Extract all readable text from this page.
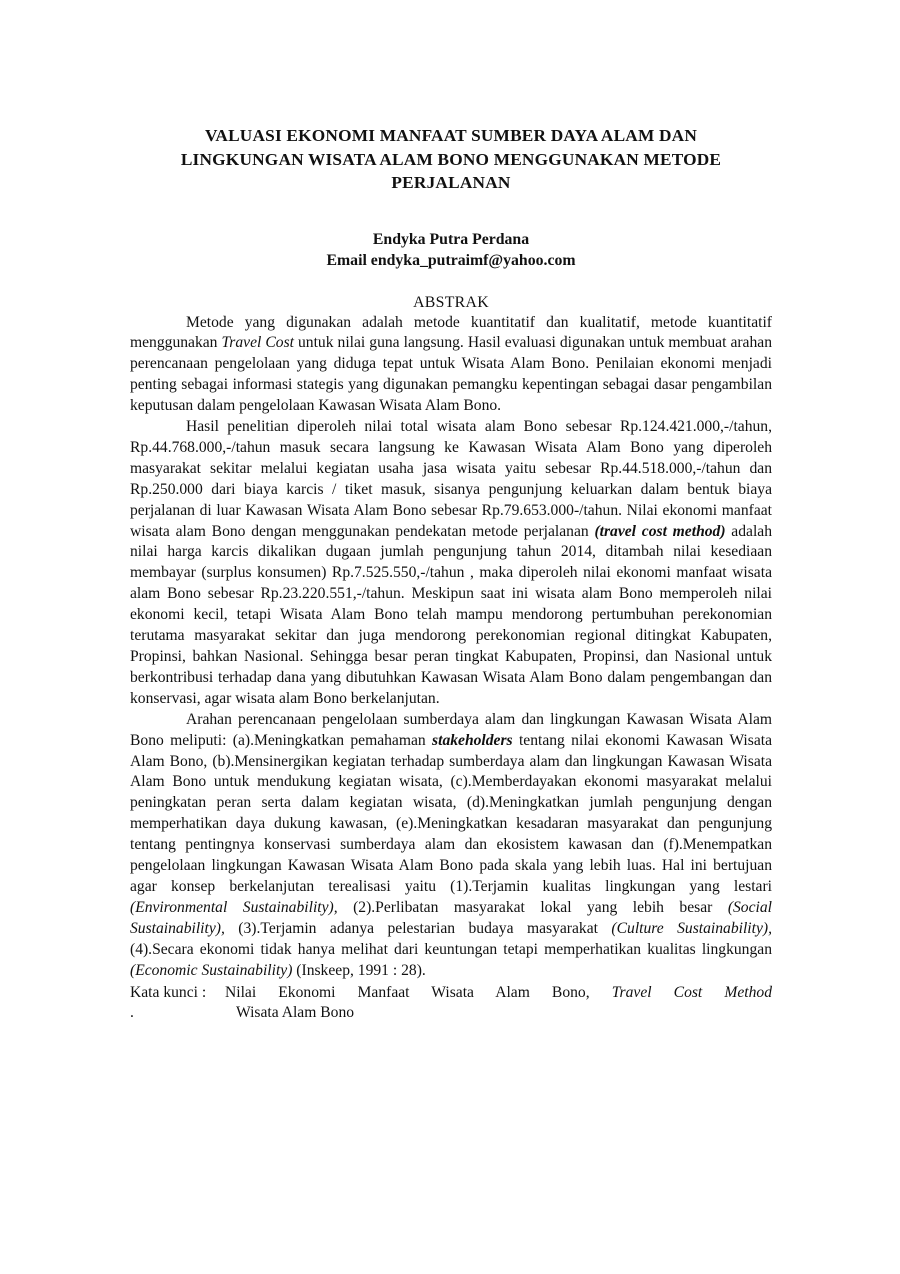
VALUASI EKONOMI MANFAAT SUMBER DAYA ALAM DAN
LINGKUNGAN WISATA ALAM BONO MENGGUNAKAN METODE
PERJALANAN
Endyka Putra Perdana
Email endyka_putraimf@yahoo.com
ABSTRAK

Metode yang digunakan adalah metode kuantitatif dan kualitatif, metode kuantitatif menggunakan Travel Cost untuk nilai guna langsung. Hasil evaluasi digunakan untuk membuat arahan perencanaan pengelolaan yang diduga tepat untuk Wisata Alam Bono. Penilaian ekonomi menjadi penting sebagai informasi stategis yang digunakan pemangku kepentingan sebagai dasar pengambilan keputusan dalam pengelolaan Kawasan Wisata Alam Bono.

Hasil penelitian diperoleh nilai total wisata alam Bono sebesar Rp.124.421.000,-/tahun, Rp.44.768.000,-/tahun masuk secara langsung ke Kawasan Wisata Alam Bono yang diperoleh masyarakat sekitar melalui kegiatan usaha jasa wisata yaitu sebesar Rp.44.518.000,-/tahun dan Rp.250.000 dari biaya karcis / tiket masuk, sisanya pengunjung keluarkan dalam bentuk biaya perjalanan di luar Kawasan Wisata Alam Bono sebesar Rp.79.653.000-/tahun. Nilai ekonomi manfaat wisata alam Bono dengan menggunakan pendekatan metode perjalanan (travel cost method) adalah nilai harga karcis dikalikan dugaan jumlah pengunjung tahun 2014, ditambah nilai kesediaan membayar (surplus konsumen) Rp.7.525.550,-/tahun , maka diperoleh nilai ekonomi manfaat wisata alam Bono sebesar Rp.23.220.551,-/tahun. Meskipun saat ini wisata alam Bono memperoleh nilai ekonomi kecil, tetapi Wisata Alam Bono telah mampu mendorong pertumbuhan perekonomian terutama masyarakat sekitar dan juga mendorong perekonomian regional ditingkat Kabupaten, Propinsi, bahkan Nasional. Sehingga besar peran tingkat Kabupaten, Propinsi, dan Nasional untuk berkontribusi terhadap dana yang dibutuhkan Kawasan Wisata Alam Bono dalam pengembangan dan konservasi, agar wisata alam Bono berkelanjutan.

Arahan perencanaan pengelolaan sumberdaya alam dan lingkungan Kawasan Wisata Alam Bono meliputi: (a).Meningkatkan pemahaman stakeholders tentang nilai ekonomi Kawasan Wisata Alam Bono, (b).Mensinergikan kegiatan terhadap sumberdaya alam dan lingkungan Kawasan Wisata Alam Bono untuk mendukung kegiatan wisata, (c).Memberdayakan ekonomi masyarakat melalui peningkatan peran serta dalam kegiatan wisata, (d).Meningkatkan jumlah pengunjung dengan memperhatikan daya dukung kawasan, (e).Meningkatkan kesadaran masyarakat dan pengunjung tentang pentingnya konservasi sumberdaya alam dan ekosistem kawasan dan (f).Menempatkan pengelolaan lingkungan Kawasan Wisata Alam Bono pada skala yang lebih luas. Hal ini bertujuan agar konsep berkelanjutan terealisasi yaitu (1).Terjamin kualitas lingkungan yang lestari (Environmental Sustainability), (2).Perlibatan masyarakat lokal yang lebih besar (Social Sustainability), (3).Terjamin adanya pelestarian budaya masyarakat (Culture Sustainability), (4).Secara ekonomi tidak hanya melihat dari keuntungan tetapi memperhatikan kualitas lingkungan (Economic Sustainability) (Inskeep, 1991 : 28).

Kata kunci :	Nilai Ekonomi Manfaat Wisata Alam Bono, Travel Cost Method
.	Wisata Alam Bono
